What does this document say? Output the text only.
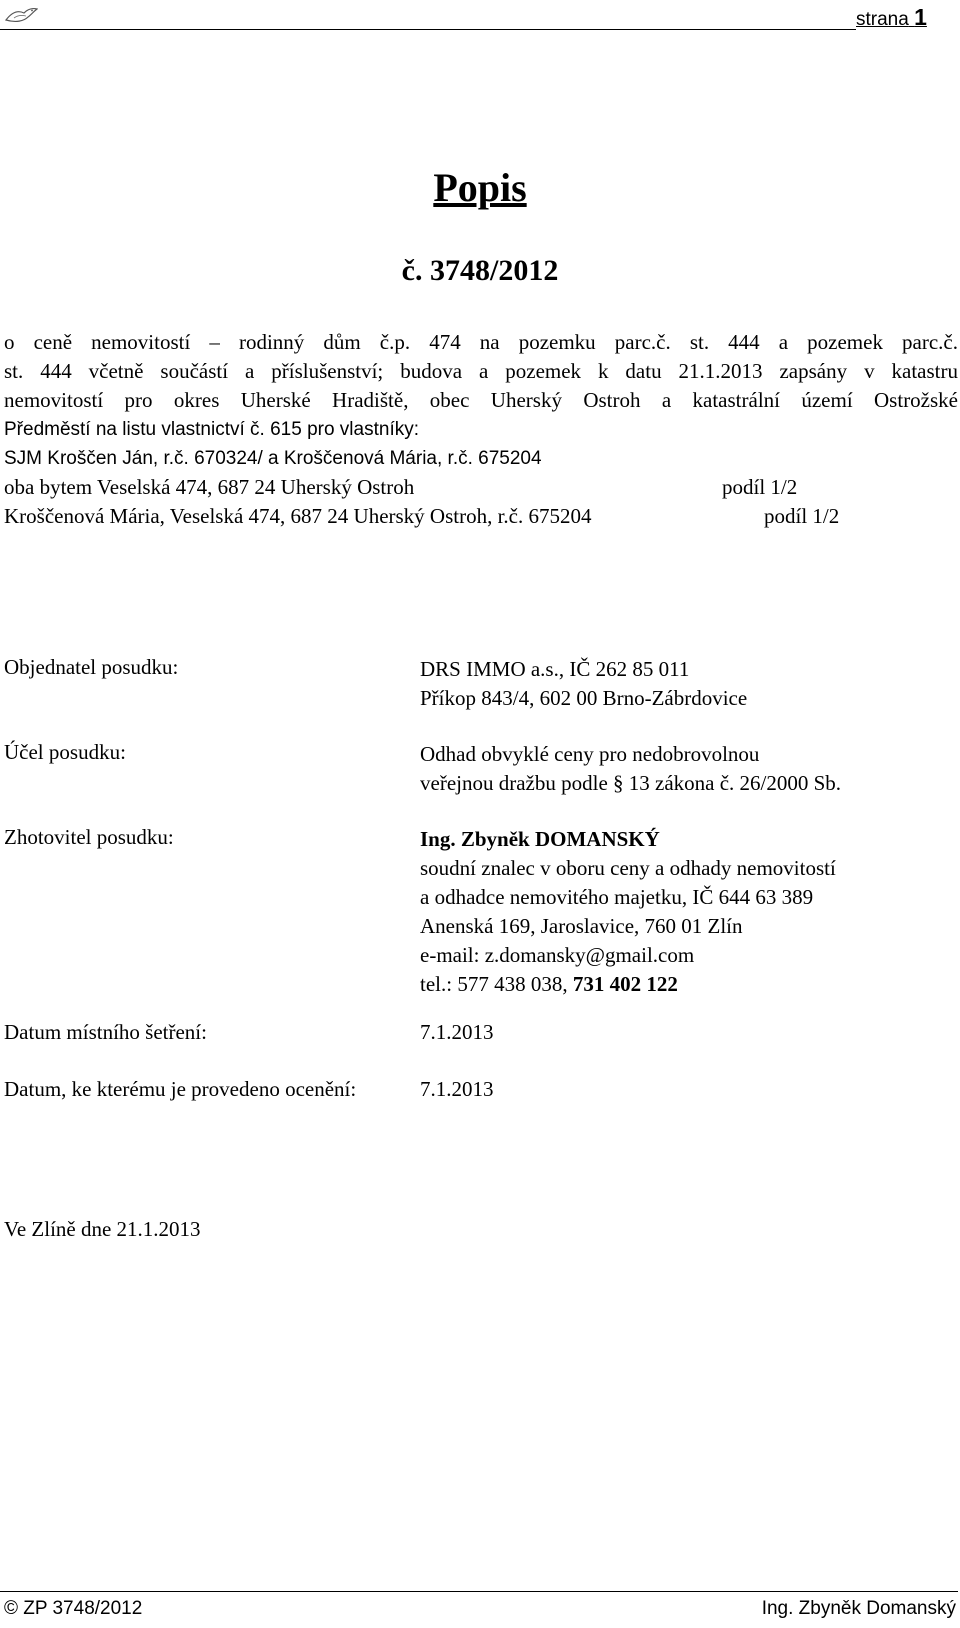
strana 1
Popis
č. 3748/2012

o ceně nemovitostí – rodinný dům č.p. 474 na pozemku parc.č. st. 444 a pozemek parc.č.

st. 444 včetně součástí a příslušenství; budova a pozemek k datu 21.1.2013 zapsány v katastru

nemovitostí pro okres Uherské Hradiště, obec Uherský Ostroh a katastrální území Ostrožské

Předměstí na listu vlastnictví č. 615 pro vlastníky:

SJM Kroščen Ján, r.č. 670324/ a Kroščenová Mária, r.č. 675204

oba bytem Veselská 474, 687 24 Uherský Ostroh	podíl 1/2
Kroščenová Mária, Veselská 474, 687 24 Uherský Ostroh, r.č. 675204	podíl 1/2
Objednatel posudku:	DRS IMMO a.s., IČ 262 85 011
Příkop 843/4, 602 00 Brno-Zábrdovice
Účel posudku:	Odhad obvyklé ceny pro nedobrovolnou
veřejnou dražbu podle § 13 zákona č. 26/2000 Sb.
Zhotovitel posudku:	Ing. Zbyněk DOMANSKÝ
soudní znalec v oboru ceny a odhady nemovitostí
a odhadce nemovitého majetku, IČ 644 63 389
Anenská 169, Jaroslavice, 760 01 Zlín
e-mail: z.domansky@gmail.com
tel.: 577 438 038, 731 402 122
Datum místního šetření:	7.1.2013
Datum, ke kterému je provedeno ocenění:	7.1.2013
Ve Zlíně dne 21.1.2013
© ZP 3748/2012	Ing. Zbyněk Domanský
